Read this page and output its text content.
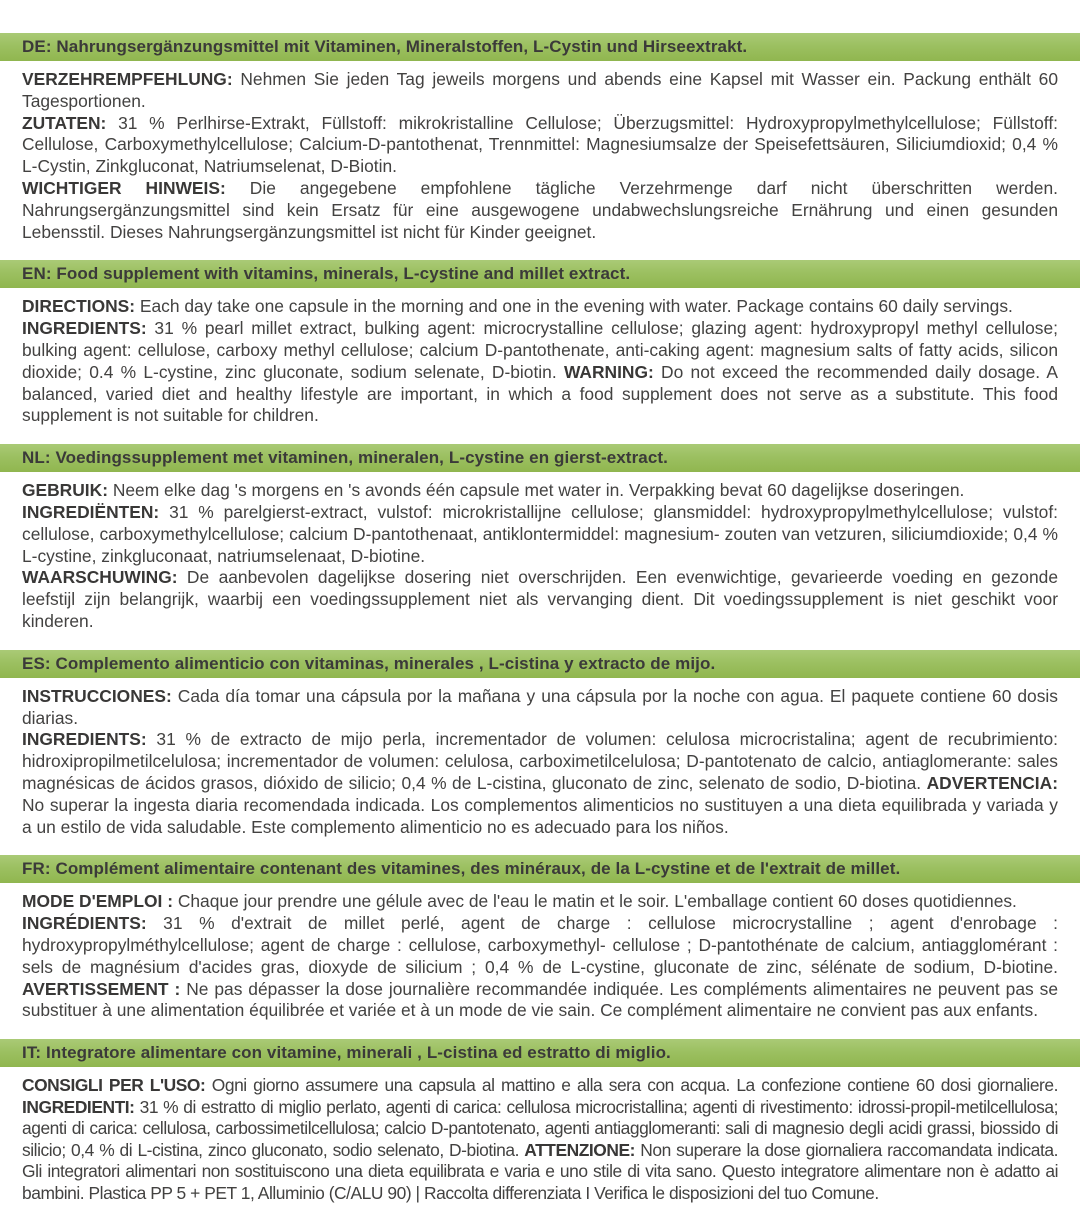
DE: Nahrungsergänzungsmittel mit Vitaminen, Mineralstoffen, L-Cystin und Hirseextrakt.

VERZEHREMPFEHLUNG: Nehmen Sie jeden Tag jeweils morgens und abends eine Kapsel mit Wasser ein. Packung enthält 60 Tagesportionen.

ZUTATEN: 31 % Perlhirse-Extrakt, Füllstoff: mikrokristalline Cellulose; Überzugsmittel: Hydroxypropylmethylcellulose; Füllstoff: Cellulose, Carboxymethylcellulose; Calcium-D-pantothenat, Trennmittel: Magnesiumsalze der Speisefettsäuren, Siliciumdioxid; 0,4 % L-Cystin, Zinkgluconat, Natriumselenat, D-Biotin.

WICHTIGER HINWEIS: Die angegebene empfohlene tägliche Verzehrmenge darf nicht überschritten werden. Nahrungsergänzungsmittel sind kein Ersatz für eine ausgewogene undabwechslungsreiche Ernährung und einen gesunden Lebensstil. Dieses Nahrungsergänzungsmittel ist nicht für Kinder geeignet.

EN: Food supplement with vitamins, minerals, L-cystine and millet extract.

DIRECTIONS: Each day take one capsule in the morning and one in the evening with water. Package contains 60 daily servings.

INGREDIENTS: 31 % pearl millet extract, bulking agent: microcrystalline cellulose; glazing agent: hydroxypropyl methyl cellulose; bulking agent: cellulose, carboxy methyl cellulose; calcium D-pantothenate, anti-caking agent: magnesium salts of fatty acids, silicon dioxide; 0.4 % L-cystine, zinc gluconate, sodium selenate, D-biotin. WARNING: Do not exceed the recommended daily dosage. A balanced, varied diet and healthy lifestyle are important, in which a food supplement does not serve as a substitute. This food supplement is not suitable for children.

NL: Voedingssupplement met vitaminen, mineralen, L-cystine en gierst-extract.

GEBRUIK: Neem elke dag 's morgens en 's avonds één capsule met water in. Verpakking bevat 60 dagelijkse doseringen.

INGREDIËNTEN: 31 % parelgierst-extract, vulstof: microkristallijne cellulose; glansmiddel: hydroxypropylmethylcellulose; vulstof: cellulose, carboxymethylcellulose; calcium D-pantothenaat, antiklontermiddel: magnesium- zouten van vetzuren, siliciumdioxide; 0,4 % L-cystine, zinkgluconaat, natriumselenaat, D-biotine.

WAARSCHUWING: De aanbevolen dagelijkse dosering niet overschrijden. Een evenwichtige, gevarieerde voeding en gezonde leefstijl zijn belangrijk, waarbij een voedingssupplement niet als vervanging dient. Dit voedingssupplement is niet geschikt voor kinderen.

ES: Complemento alimenticio con vitaminas, minerales , L-cistina y extracto de mijo.

INSTRUCCIONES: Cada día tomar una cápsula por la mañana y una cápsula por la noche con agua. El paquete contiene 60 dosis diarias.

INGREDIENTS: 31 % de extracto de mijo perla, incrementador de volumen: celulosa microcristalina; agent de recubrimiento: hidroxipropilmetilcelulosa; incrementador de volumen: celulosa, carboximetilcelulosa; D-pantotenato de calcio, antiaglomerante: sales magnésicas de ácidos grasos, dióxido de silicio; 0,4 % de L-cistina, gluconato de zinc, selenato de sodio, D-biotina. ADVERTENCIA: No superar la ingesta diaria recomendada indicada. Los complementos alimenticios no sustituyen a una dieta equilibrada y variada y a un estilo de vida saludable. Este complemento alimenticio no es adecuado para los niños.

FR: Complément alimentaire contenant des vitamines, des minéraux, de la L-cystine et de l'extrait de millet.

MODE D'EMPLOI : Chaque jour prendre une gélule avec de l'eau le matin et le soir. L'emballage contient 60 doses quotidiennes.

INGRÉDIENTS: 31 % d'extrait de millet perlé, agent de charge : cellulose microcrystalline ; agent d'enrobage : hydroxypropylméthylcellulose; agent de charge : cellulose, carboxymethyl- cellulose ; D-pantothénate de calcium, antiagglomérant : sels de magnésium d'acides gras, dioxyde de silicium ; 0,4 % de L-cystine, gluconate de zinc, sélénate de sodium, D-biotine. AVERTISSEMENT : Ne pas dépasser la dose journalière recommandée indiquée. Les compléments alimentaires ne peuvent pas se substituer à une alimentation équilibrée et variée et à un mode de vie sain. Ce complément alimentaire ne convient pas aux enfants.

IT: Integratore alimentare con vitamine, minerali , L-cistina ed estratto di miglio.

CONSIGLI PER L'USO: Ogni giorno assumere una capsula al mattino e alla sera con acqua. La confezione contiene 60 dosi giornaliere. INGREDIENTI: 31 % di estratto di miglio perlato, agenti di carica: cellulosa microcristallina; agenti di rivestimento: idrossi-propil-metilcellulosa; agenti di carica: cellulosa, carbossimetilcellulosa; calcio D-pantotenato, agenti antiagglomeranti: sali di magnesio degli acidi grassi, biossido di silicio; 0,4 % di L-cistina, zinco gluconato, sodio selenato, D-biotina. ATTENZIONE: Non superare la dose giornaliera raccomandata indicata. Gli integratori alimentari non sostituiscono una dieta equilibrata e varia e uno stile di vita sano. Questo integratore alimentare non è adatto ai bambini. Plastica PP 5 + PET 1, Alluminio (C/ALU 90) | Raccolta differenziata I Verifica le disposizioni del tuo Comune.
